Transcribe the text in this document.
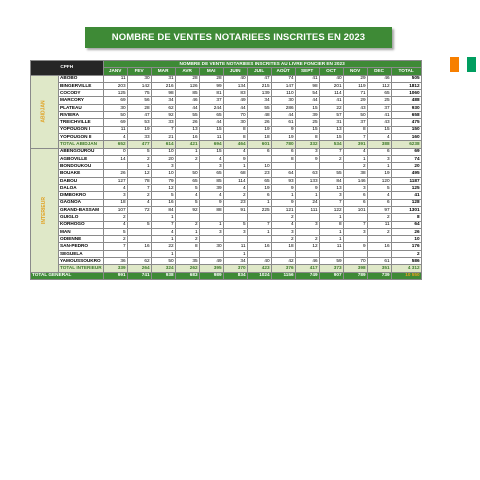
NOMBRE DE VENTES NOTARIEES INSCRITES EN 2023
CPFH		NOMBRE DE VENTE NOTARIEES INSCRITES AU LIVRE FONCIER EN 2023												
		JANV	FEV	MAR	AVR	MAI	JUIN	JUIL	AOÛT	SEPT	OCT	NOV	DEC	TOTAL
ABIDJAN	ABOBO	11	30	31	28	28	40	47	74	41	40	29	46	505
	BINGERVILLE	203	142	216	126	99	134	215	147	98	201	119	112	1812
	COCODY	125	75	98	85	81	83	139	110	54	114	71	65	1060
	MARCORY	69	56	34	46	37	49	34	30	44	41	29	25	488
	PLATEAU	30	28	62	44	244	44	55	286	15	22	43	37	930
	RIVIERA	50	47	92	55	65	70	48	44	39	57	50	41	658
	TREICHVILLE	69	53	33	26	44	30	26	61	25	31	37	43	475
	YOPOUGON I	11	19	7	13	15	8	19	9	15	13	8	15	150
	YOPOUGON II	4	33	21	16	11	8	18	19	8	15	7	4	160
	TOTAL ABIDJAN	652	477	614	421	694	464	601	780	332	534	391	388	6238
INTERIEUR	ABENGOUROU	0	5	10	1	15	4	6	6	3	7	4	6	69
	AGBOVILLE	14	2	20	2	4	9		8	9	2	1	3	74
	BONDOUKOU		1	3		3	1	10				2	1	20
	BOUAKE	26	12	10	50	65	68	23	64	63	55	38	19	495
	DABOU	127	78	79	65	85	114	65	93	133	84	146	120	1187
	DALOA	4	7	12	5	39	4	19	9	9	13	3	5	125
	DIMBOKRO	3	2	5	4	4	2	6	1	1	3	6	4	41
	GAGNOA	18	4	16	5	9	23	1	9	24	7	6	6	128
	GRAND-BASSAM	107	72	84	92	88	91	225	121	111	122	101	97	1301
	GUIGLO	2		1					2		1		2	8
	KORHOGO	4	5	7	2	1	5	7	4	3	8	7	11	64
	MAN	5		4	1	3	3	1	3		1	3	2	26
	ODIENNE	2		1	2				2	2	1			10
	SAN-PEDRO	7	16	22	8	30	11	16	18	12	11	9	16	176
	SEGUELA			1			1							2
	YAMOUSSOUKRO	36	62	50	35	49	34	40	42	46	59	70	61	586
	TOTAL INTERIEUR	339	264	324	262	395	370	423	376	417	373	398	351	4 312
TOTAL GENERAL		991	741	938	683	989	834	1024	1156	749	907	789	739	10 550
